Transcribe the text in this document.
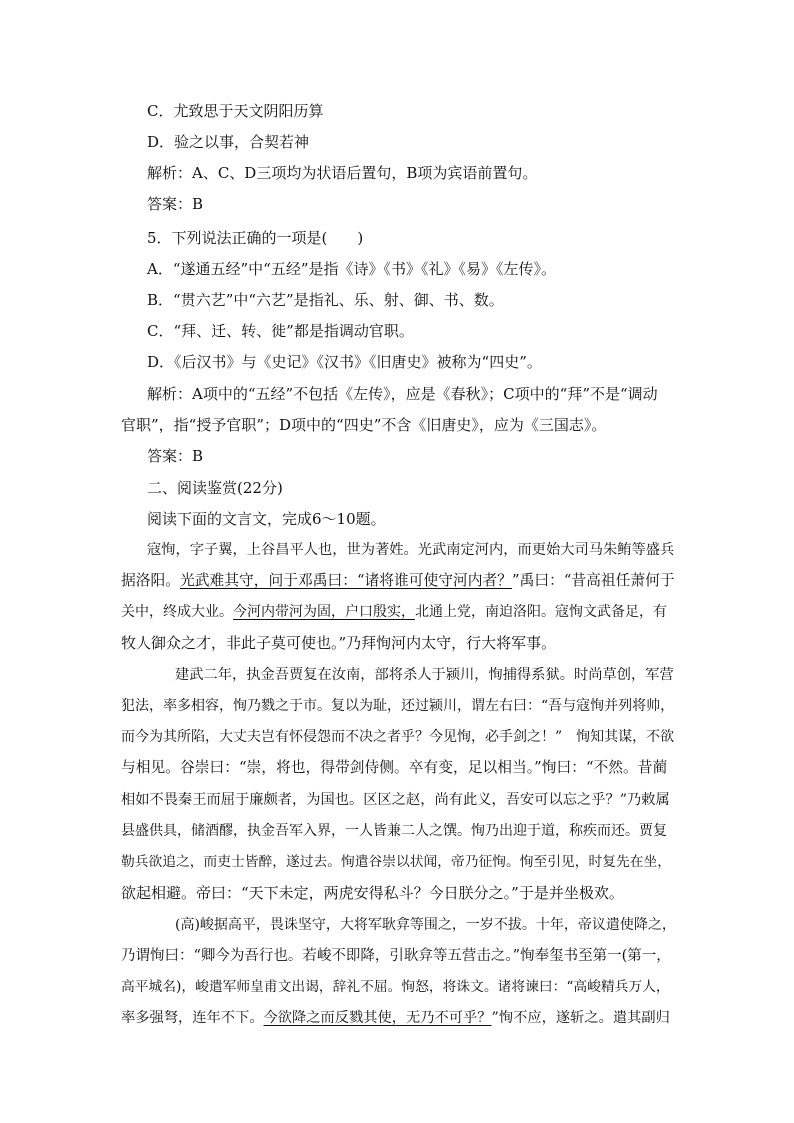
C．尤致思于天文阴阳历算
D．验之以事，合契若神
解析：A、C、D三项均为状语后置句，B项为宾语前置句。
答案：B
5．下列说法正确的一项是(　　)
A．“遂通五经”中“五经”是指《诗》《书》《礼》《易》《左传》。
B．“贯六艺”中“六艺”是指礼、乐、射、御、书、数。
C．“拜、迁、转、徙”都是指调动官职。
D．《后汉书》与《史记》《汉书》《旧唐史》被称为“四史”。
解析：A项中的“五经”不包括《左传》，应是《春秋》；C项中的“拜”不是“调动
官职”，指“授予官职”；D项中的“四史”不含《旧唐史》，应为《三国志》。
答案：B
二、阅读鉴赏(22分)
阅读下面的文言文，完成6～10题。
寇恂，字子翼，上谷昌平人也，世为著姓。光武南定河内，而更始大司马朱鲔等盛兵
据洛阳。光武难其守，问于邓禹曰：“诸将谁可使守河内者？”禹曰：“昔高祖任萧何于
关中，终成大业。今河内带河为固，户口殷实，北通上党，南迫洛阳。寇恂文武备足，有
牧人御众之才，非此子莫可使也。”乃拜恂河内太守，行大将军事。
建武二年，执金吾贾复在汝南，部将杀人于颍川，恂捕得系狱。时尚草创，军营
犯法，率多相容，恂乃戮之于市。复以为耻，还过颍川，谓左右曰：“吾与寇恂并列将帅，
而今为其所陷，大丈夫岂有怀侵怨而不决之者乎？今见恂，必手剑之！”　恂知其谋，不欲
与相见。谷崇曰：“崇，将也，得带剑侍侧。卒有变，足以相当。”恂曰：“不然。昔蔺
相如不畏秦王而屈于廉颇者，为国也。区区之赵，尚有此义，吾安可以忘之乎？”乃敕属
县盛供具，储酒醪，执金吾军入界，一人皆兼二人之馔。恂乃出迎于道，称疾而还。贾复
勒兵欲追之，而吏士皆醉，遂过去。恂遣谷崇以状闻，帝乃征恂。恂至引见，时复先在坐，
欲起相避。帝曰：“天下未定，两虎安得私斗？今日朕分之。”于是并坐极欢。
(高)峻据高平，畏诛坚守，大将军耿弇等围之，一岁不拔。十年，帝议遣使降之，
乃谓恂曰：“卿今为吾行也。若峻不即降，引耿弇等五营击之。”恂奉玺书至第一(第一，
高平城名)，峻遣军师皇甫文出谒，辞礼不屈。恂怒，将诛文。诸将谏曰：“高峻精兵万人，
率多强弩，连年不下。今欲降之而反戮其使，无乃不可乎？”恂不应，遂斩之。遣其副归
